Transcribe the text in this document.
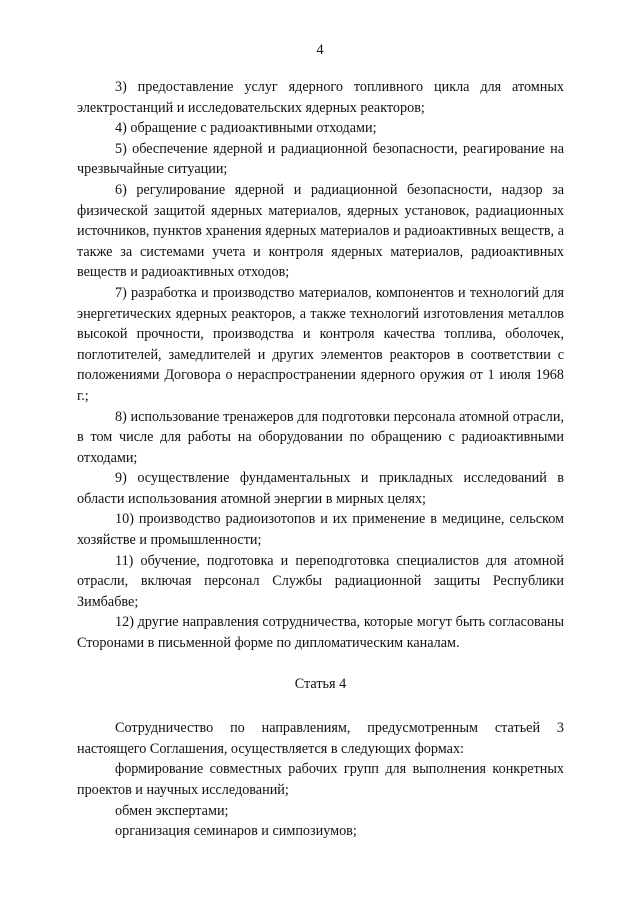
4

3) предоставление услуг ядерного топливного цикла для атомных электростанций и исследовательских ядерных реакторов;

4) обращение с радиоактивными отходами;

5) обеспечение ядерной и радиационной безопасности, реагирование на чрезвычайные ситуации;

6) регулирование ядерной и радиационной безопасности, надзор за физической защитой ядерных материалов, ядерных установок, радиационных источников, пунктов хранения ядерных материалов и радиоактивных веществ, а также за системами учета и контроля ядерных материалов, радиоактивных веществ и радиоактивных отходов;

7) разработка и производство материалов, компонентов и технологий для энергетических ядерных реакторов, а также технологий изготовления металлов высокой прочности, производства и контроля качества топлива, оболочек, поглотителей, замедлителей и других элементов реакторов в соответствии с положениями Договора о нераспространении ядерного оружия от 1 июля 1968 г.;

8) использование тренажеров для подготовки персонала атомной отрасли, в том числе для работы на оборудовании по обращению с радиоактивными отходами;

9) осуществление фундаментальных и прикладных исследований в области использования атомной энергии в мирных целях;

10) производство радиоизотопов и их применение в медицине, сельском хозяйстве и промышленности;

11) обучение, подготовка и переподготовка специалистов для атомной отрасли, включая персонал Службы радиационной защиты Республики Зимбабве;

12) другие направления сотрудничества, которые могут быть согласованы Сторонами в письменной форме по дипломатическим каналам.

Статья 4

Сотрудничество по направлениям, предусмотренным статьей 3 настоящего Соглашения, осуществляется в следующих формах:

формирование совместных рабочих групп для выполнения конкретных проектов и научных исследований;

обмен экспертами;

организация семинаров и симпозиумов;
